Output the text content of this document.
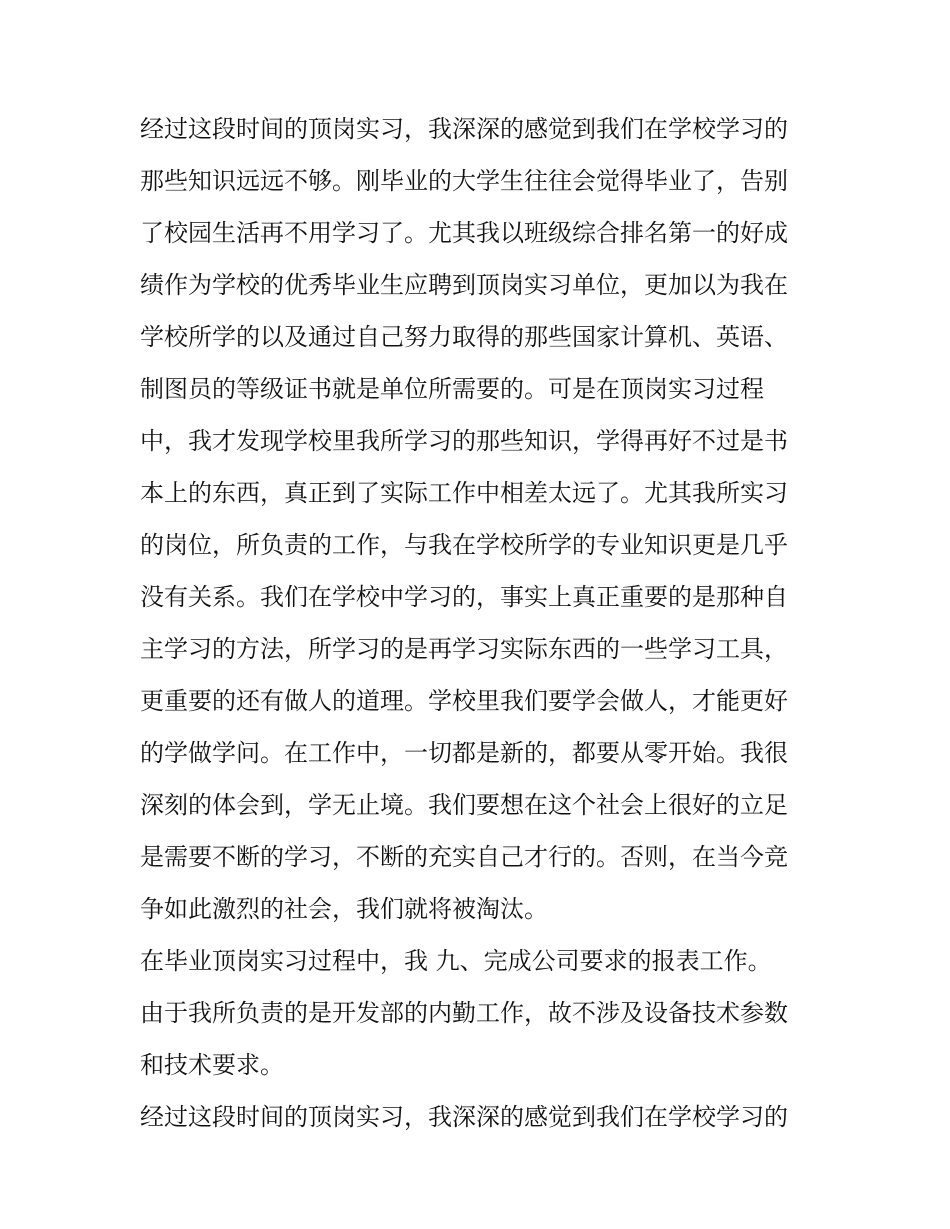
经过这段时间的顶岗实习，我深深的感觉到我们在学校学习的
那些知识远远不够。刚毕业的大学生往往会觉得毕业了，告别
了校园生活再不用学习了。尤其我以班级综合排名第一的好成
绩作为学校的优秀毕业生应聘到顶岗实习单位，更加以为我在
学校所学的以及通过自己努力取得的那些国家计算机、英语、
制图员的等级证书就是单位所需要的。可是在顶岗实习过程
中，我才发现学校里我所学习的那些知识，学得再好不过是书
本上的东西，真正到了实际工作中相差太远了。尤其我所实习
的岗位，所负责的工作，与我在学校所学的专业知识更是几乎
没有关系。我们在学校中学习的，事实上真正重要的是那种自
主学习的方法，所学习的是再学习实际东西的一些学习工具，
更重要的还有做人的道理。学校里我们要学会做人，才能更好
的学做学问。在工作中，一切都是新的，都要从零开始。我很
深刻的体会到，学无止境。我们要想在这个社会上很好的立足
是需要不断的学习，不断的充实自己才行的。否则，在当今竞
争如此激烈的社会，我们就将被淘汰。
在毕业顶岗实习过程中，我 九、完成公司要求的报表工作。
由于我所负责的是开发部的内勤工作，故不涉及设备技术参数
和技术要求。
经过这段时间的顶岗实习，我深深的感觉到我们在学校学习的
